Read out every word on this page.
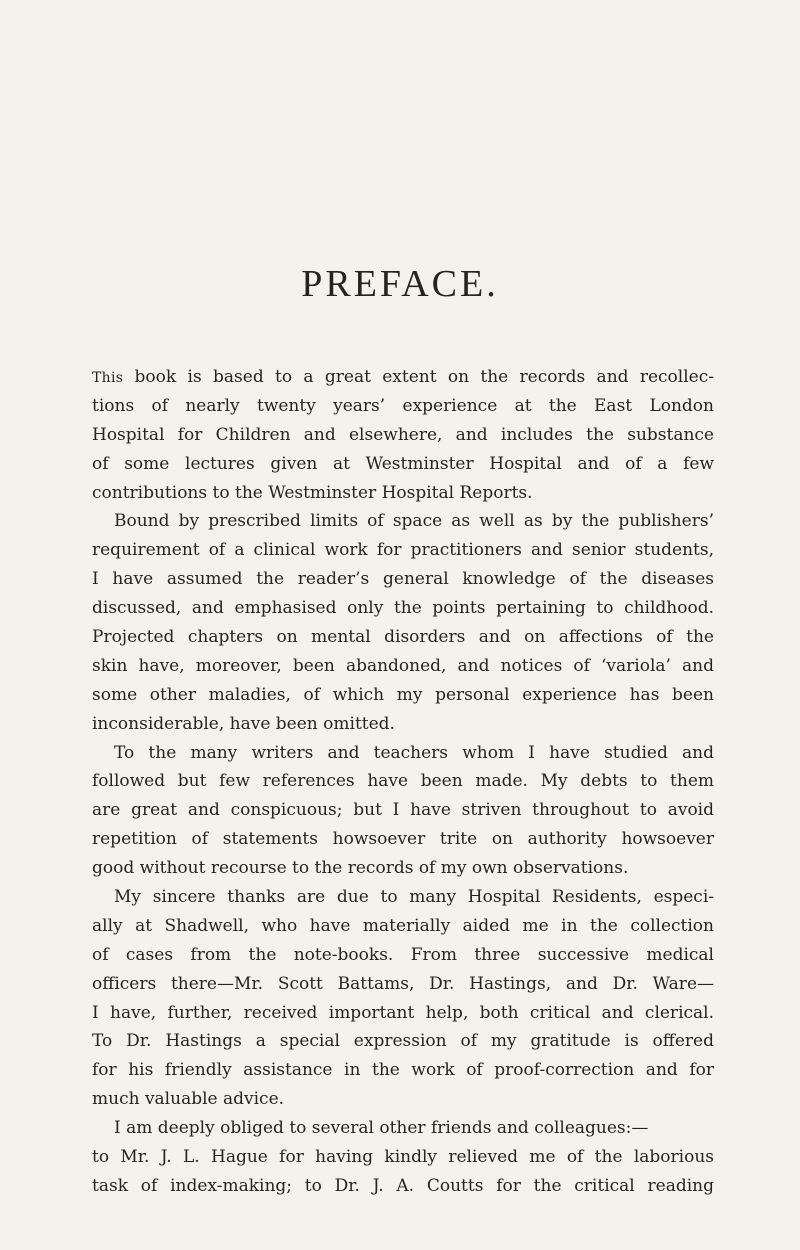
PREFACE.
This book is based to a great extent on the records and recollec-
tions of nearly twenty years’ experience at the East London
Hospital for Children and elsewhere, and includes the substance
of some lectures given at Westminster Hospital and of a few
contributions to the Westminster Hospital Reports.
Bound by prescribed limits of space as well as by the publishers’
requirement of a clinical work for practitioners and senior students,
I have assumed the reader’s general knowledge of the diseases
discussed, and emphasised only the points pertaining to childhood.
Projected chapters on mental disorders and on affections of the
skin have, moreover, been abandoned, and notices of ‘variola’ and
some other maladies, of which my personal experience has been
inconsiderable, have been omitted.
To the many writers and teachers whom I have studied and
followed but few references have been made. My debts to them
are great and conspicuous; but I have striven throughout to avoid
repetition of statements howsoever trite on authority howsoever
good without recourse to the records of my own observations.
My sincere thanks are due to many Hospital Residents, especi-
ally at Shadwell, who have materially aided me in the collection
of cases from the note-books. From three successive medical
officers there—Mr. Scott Battams, Dr. Hastings, and Dr. Ware—
I have, further, received important help, both critical and clerical.
To Dr. Hastings a special expression of my gratitude is offered
for his friendly assistance in the work of proof-correction and for
much valuable advice.
I am deeply obliged to several other friends and colleagues:—
to Mr. J. L. Hague for having kindly relieved me of the laborious
task of index-making; to Dr. J. A. Coutts for the critical reading
